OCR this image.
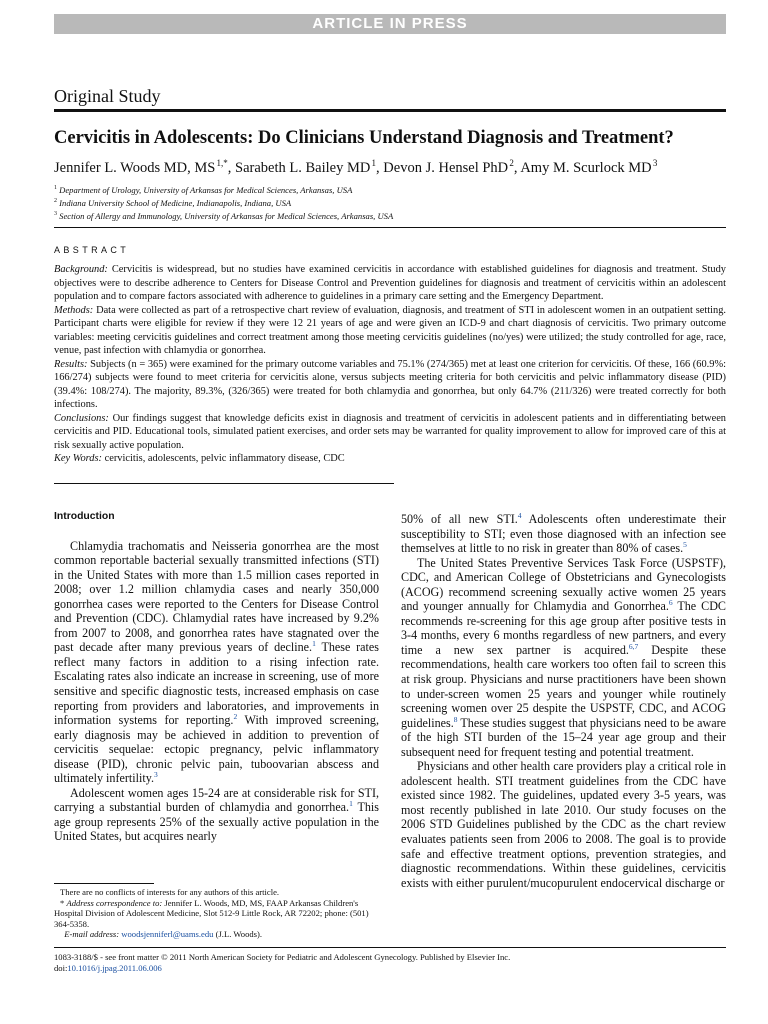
ARTICLE IN PRESS
Original Study
Cervicitis in Adolescents: Do Clinicians Understand Diagnosis and Treatment?
Jennifer L. Woods MD, MS $^{1,*}$, Sarabeth L. Bailey MD $^1$, Devon J. Hensel PhD $^2$, Amy M. Scurlock MD $^3$
$^1$ Department of Urology, University of Arkansas for Medical Sciences, Arkansas, USA
$^2$ Indiana University School of Medicine, Indianapolis, Indiana, USA
$^3$ Section of Allergy and Immunology, University of Arkansas for Medical Sciences, Arkansas, USA
ABSTRACT

Background: Cervicitis is widespread, but no studies have examined cervicitis in accordance with established guidelines for diagnosis and treatment. Study objectives were to describe adherence to Centers for Disease Control and Prevention guidelines for diagnosis and treatment of cervicitis within an adolescent population and to compare factors associated with adherence to guidelines in a primary care setting and the Emergency Department.

Methods: Data were collected as part of a retrospective chart review of evaluation, diagnosis, and treatment of STI in adolescent women in an outpatient setting. Participant charts were eligible for review if they were 12 21 years of age and were given an ICD-9 and chart diagnosis of cervicitis. Two primary outcome variables: meeting cervicitis guidelines and correct treatment among those meeting cervicitis guidelines (no/yes) were utilized; the study controlled for age, race, venue, past infection with chlamydia or gonorrhea.

Results: Subjects (n = 365) were examined for the primary outcome variables and 75.1% (274/365) met at least one criterion for cervicitis. Of these, 166 (60.9%: 166/274) subjects were found to meet criteria for cervicitis alone, versus subjects meeting criteria for both cervicitis and pelvic inflammatory disease (PID) (39.4%: 108/274). The majority, 89.3%, (326/365) were treated for both chlamydia and gonorrhea, but only 64.7% (211/326) were treated correctly for both infections.

Conclusions: Our findings suggest that knowledge deficits exist in diagnosis and treatment of cervicitis in adolescent patients and in differentiating between cervicitis and PID. Educational tools, simulated patient exercises, and order sets may be warranted for quality improvement to allow for improved care of this at risk sexually active population.

Key Words: cervicitis, adolescents, pelvic inflammatory disease, CDC

Introduction

Chlamydia trachomatis and Neisseria gonorrhea are the most common reportable bacterial sexually transmitted infections (STI) in the United States with more than 1.5 million cases reported in 2008; over 1.2 million chlamydia cases and nearly 350,000 gonorrhea cases were reported to the Centers for Disease Control and Prevention (CDC). Chlamydial rates have increased by 9.2% from 2007 to 2008, and gonorrhea rates have stagnated over the past decade after many previous years of decline.$^1$ These rates reflect many factors in addition to a rising infection rate. Escalating rates also indicate an increase in screening, use of more sensitive and specific diagnostic tests, increased emphasis on case reporting from providers and laboratories, and improvements in information systems for reporting.$^2$ With improved screening, early diagnosis may be achieved in addition to prevention of cervicitis sequelae: ectopic pregnancy, pelvic inflammatory disease (PID), chronic pelvic pain, tuboovarian abscess and ultimately infertility.$^3$

Adolescent women ages 15-24 are at considerable risk for STI, carrying a substantial burden of chlamydia and gonorrhea.$^1$ This age group represents 25% of the sexually active population in the United States, but acquires nearly

50% of all new STI.$^4$ Adolescents often underestimate their susceptibility to STI; even those diagnosed with an infection see themselves at little to no risk in greater than 80% of cases.$^5$

The United States Preventive Services Task Force (USPSTF), CDC, and American College of Obstetricians and Gynecologists (ACOG) recommend screening sexually active women 25 years and younger annually for Chlamydia and Gonorrhea.$^6$ The CDC recommends re-screening for this age group after positive tests in 3-4 months, every 6 months regardless of new partners, and every time a new sex partner is acquired.$^{6,7}$ Despite these recommendations, health care workers too often fail to screen this at risk group. Physicians and nurse practitioners have been shown to under-screen women 25 years and younger while routinely screening women over 25 despite the USPSTF, CDC, and ACOG guidelines.$^8$ These studies suggest that physicians need to be aware of the high STI burden of the 15–24 year age group and their subsequent need for frequent testing and potential treatment.

Physicians and other health care providers play a critical role in adolescent health. STI treatment guidelines from the CDC have existed since 1982. The guidelines, updated every 3-5 years, was most recently published in late 2010. Our study focuses on the 2006 STD Guidelines published by the CDC as the chart review evaluates patients seen from 2006 to 2008. The goal is to provide safe and effective treatment options, prevention strategies, and diagnostic recommendations. Within these guidelines, cervicitis exists with either purulent/mucopurulent endocervical discharge or

There are no conflicts of interests for any authors of this article.

* Address correspondence to: Jennifer L. Woods, MD, MS, FAAP Arkansas Children's Hospital Division of Adolescent Medicine, Slot 512-9 Little Rock, AR 72202; phone: (501) 364-5358.

E-mail address: woodsjenniferl@uams.edu (J.L. Woods).

1083-3188/$ - see front matter © 2011 North American Society for Pediatric and Adolescent Gynecology. Published by Elsevier Inc.
doi:10.1016/j.jpag.2011.06.006
